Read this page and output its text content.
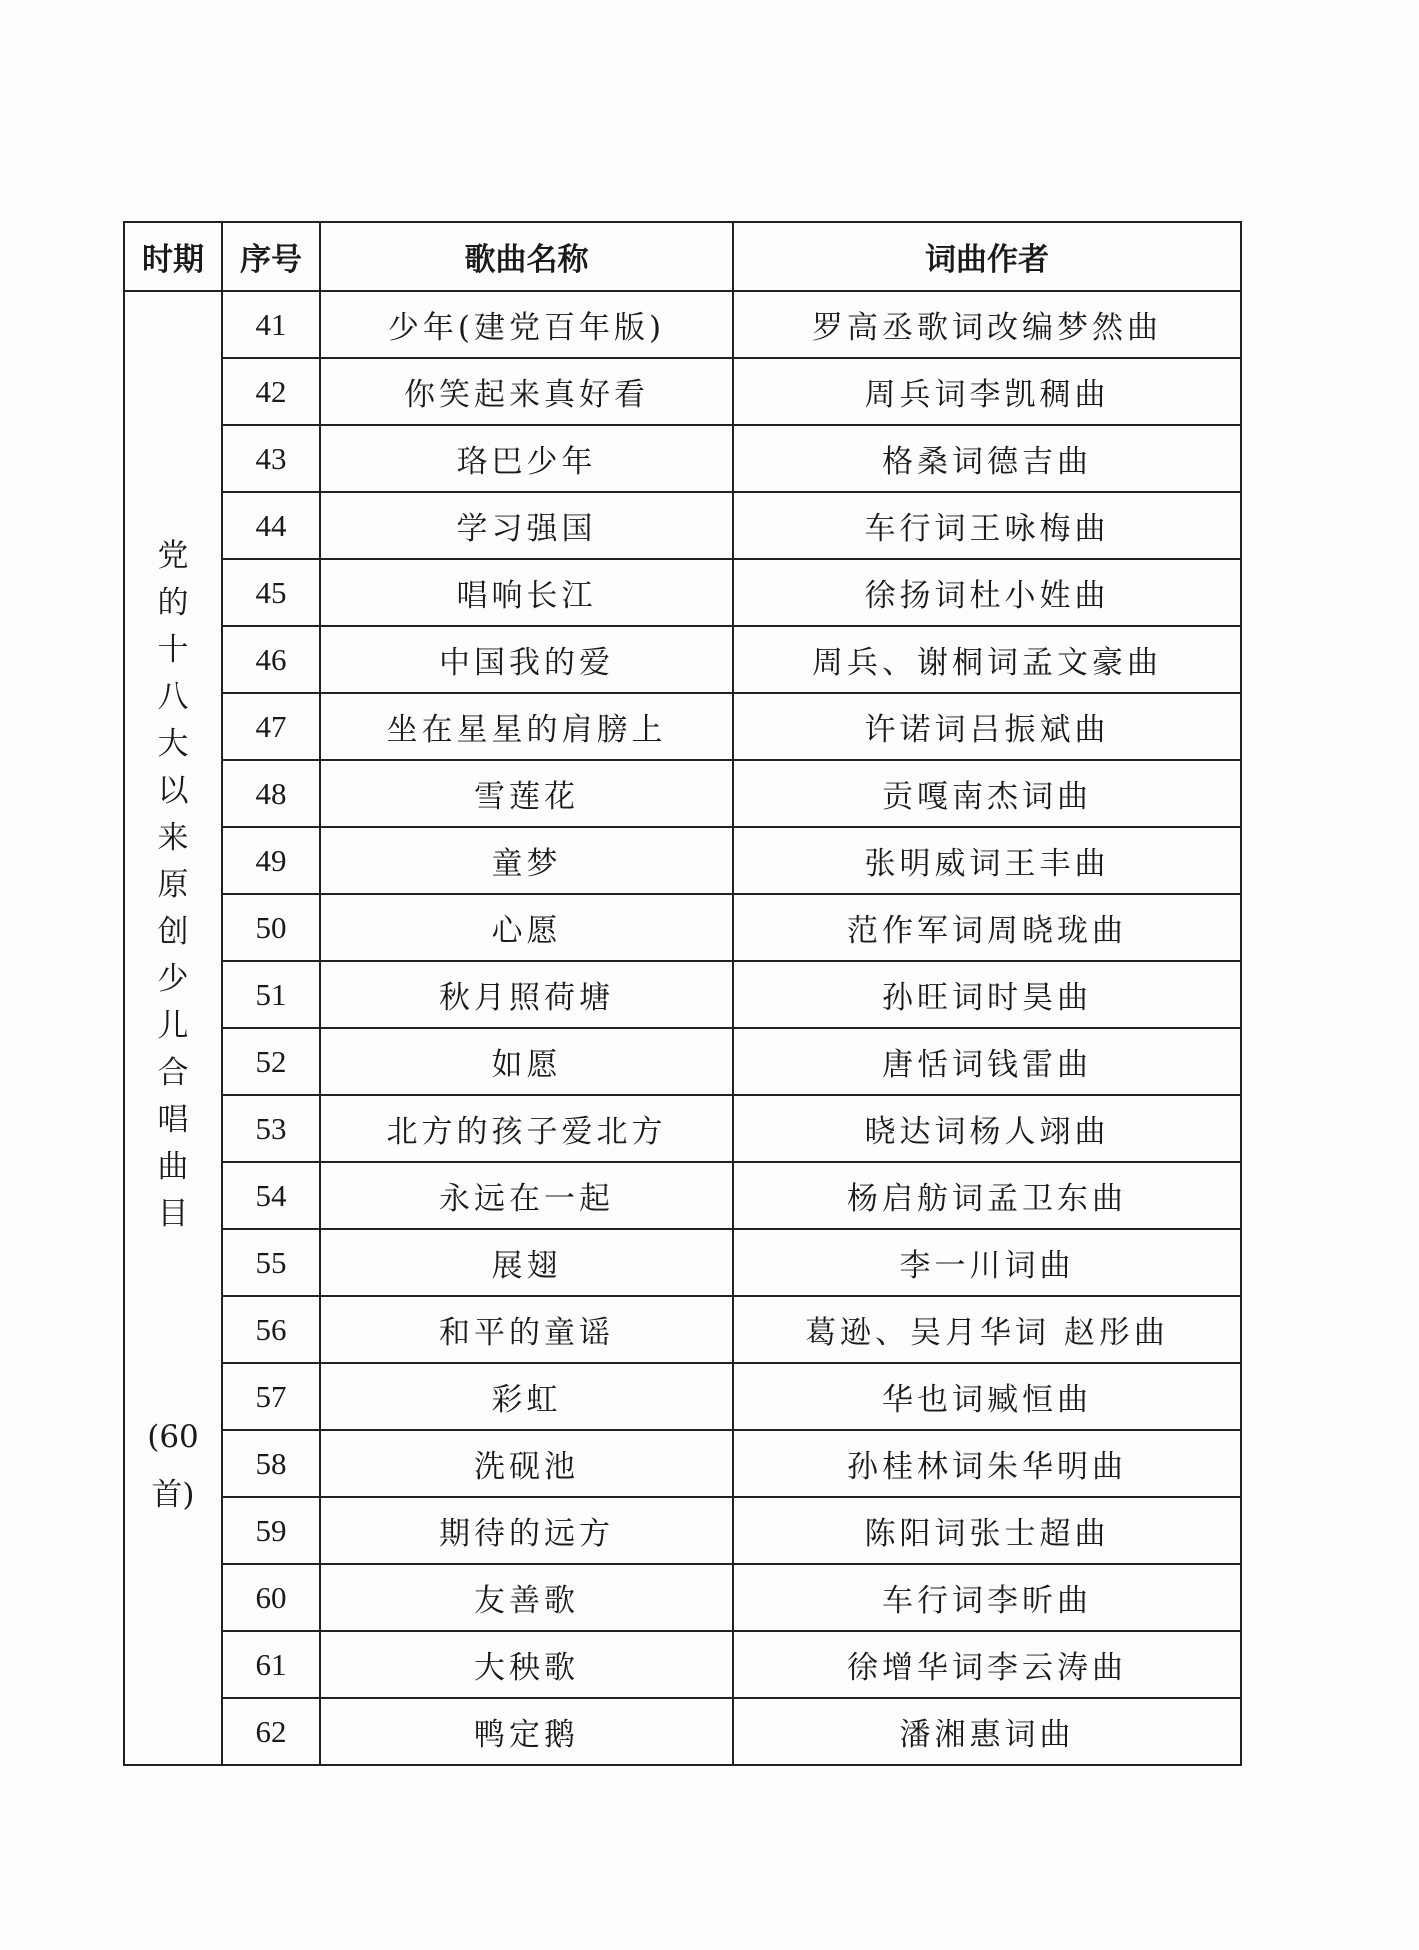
时期	序号	歌曲名称	词曲作者

党的十八大以来原创少儿合唱曲目
(60首)	41	少年(建党百年版)	罗高丞歌词改编梦然曲
	42	你笑起来真好看	周兵词李凯稠曲
	43	珞巴少年	格桑词德吉曲
	44	学习强国	车行词王咏梅曲
	45	唱响长江	徐扬词杜小姓曲
	46	中国我的爱	周兵、谢桐词孟文豪曲
	47	坐在星星的肩膀上	许诺词吕振斌曲
	48	雪莲花	贡嘎南杰词曲
	49	童梦	张明威词王丰曲
	50	心愿	范作军词周晓珑曲
	51	秋月照荷塘	孙旺词时昊曲
	52	如愿	唐恬词钱雷曲
	53	北方的孩子爱北方	晓达词杨人翊曲
	54	永远在一起	杨启舫词孟卫东曲
	55	展翅	李一川词曲
	56	和平的童谣	葛逊、吴月华词 赵彤曲
	57	彩虹	华也词臧恒曲
	58	洗砚池	孙桂林词朱华明曲
	59	期待的远方	陈阳词张士超曲
	60	友善歌	车行词李昕曲
	61	大秧歌	徐增华词李云涛曲
	62	鸭定鹅	潘湘惠词曲
